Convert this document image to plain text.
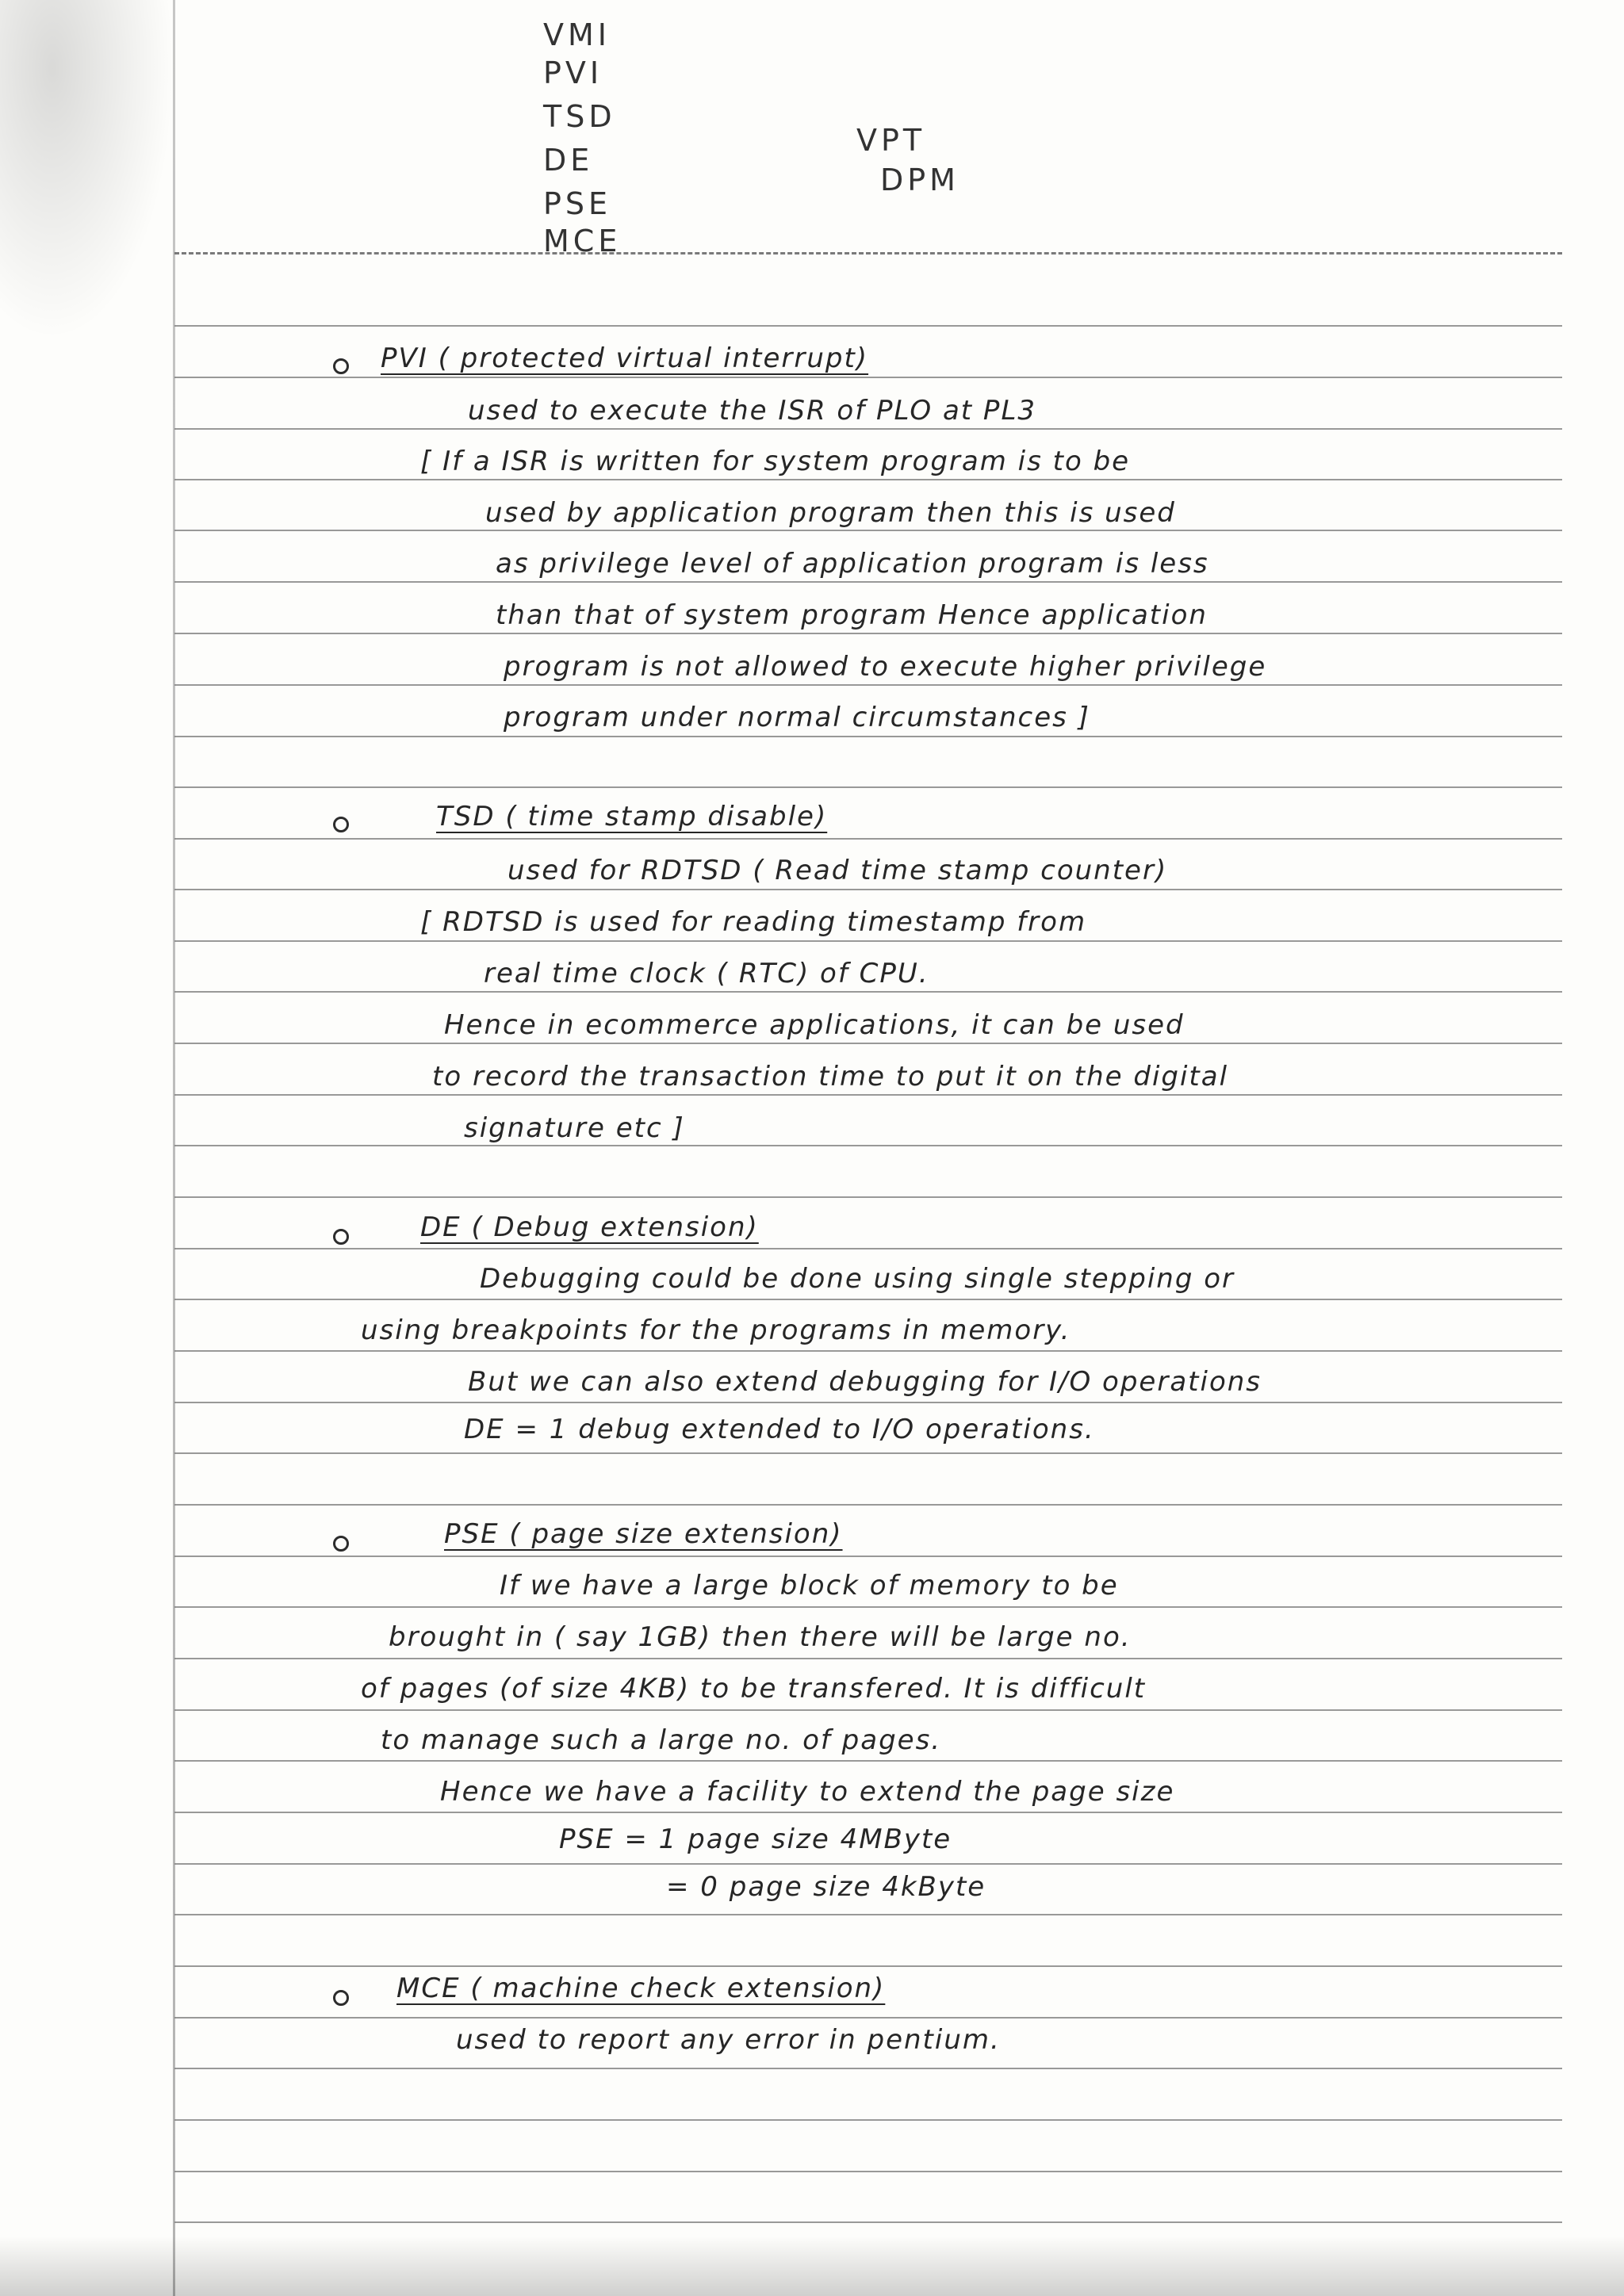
VMI
PVI
TSD
DE
PSE
MCE
VPT
DPM
PVI ( protected virtual interrupt)
used to execute the ISR of PLO at PL3
[ If a ISR is written for system program is to be
used by application program then this is used
as privilege level of application program is less
than that of system program Hence application
program is not allowed to execute higher privilege
program under normal circumstances ]
TSD ( time stamp disable)
used for RDTSD ( Read time stamp counter)
[ RDTSD is used for reading timestamp from
real time clock ( RTC) of CPU.
Hence in ecommerce applications, it can be used
to record the transaction time to put it on the digital
signature etc ]
DE ( Debug extension)
Debugging could be done using single stepping or
using breakpoints for the programs in memory.
But we can also extend debugging for I/O operations
DE = 1 debug extended to I/O operations.
PSE ( page size extension)
If we have a large block of memory to be
brought in ( say 1GB) then there will be large no.
of pages (of size 4KB) to be transfered. It is difficult
to manage such a large no. of pages.
Hence we have a facility to extend the page size
PSE = 1 page size 4MByte
= 0 page size 4kByte
MCE ( machine check extension)
used to report any error in pentium.
